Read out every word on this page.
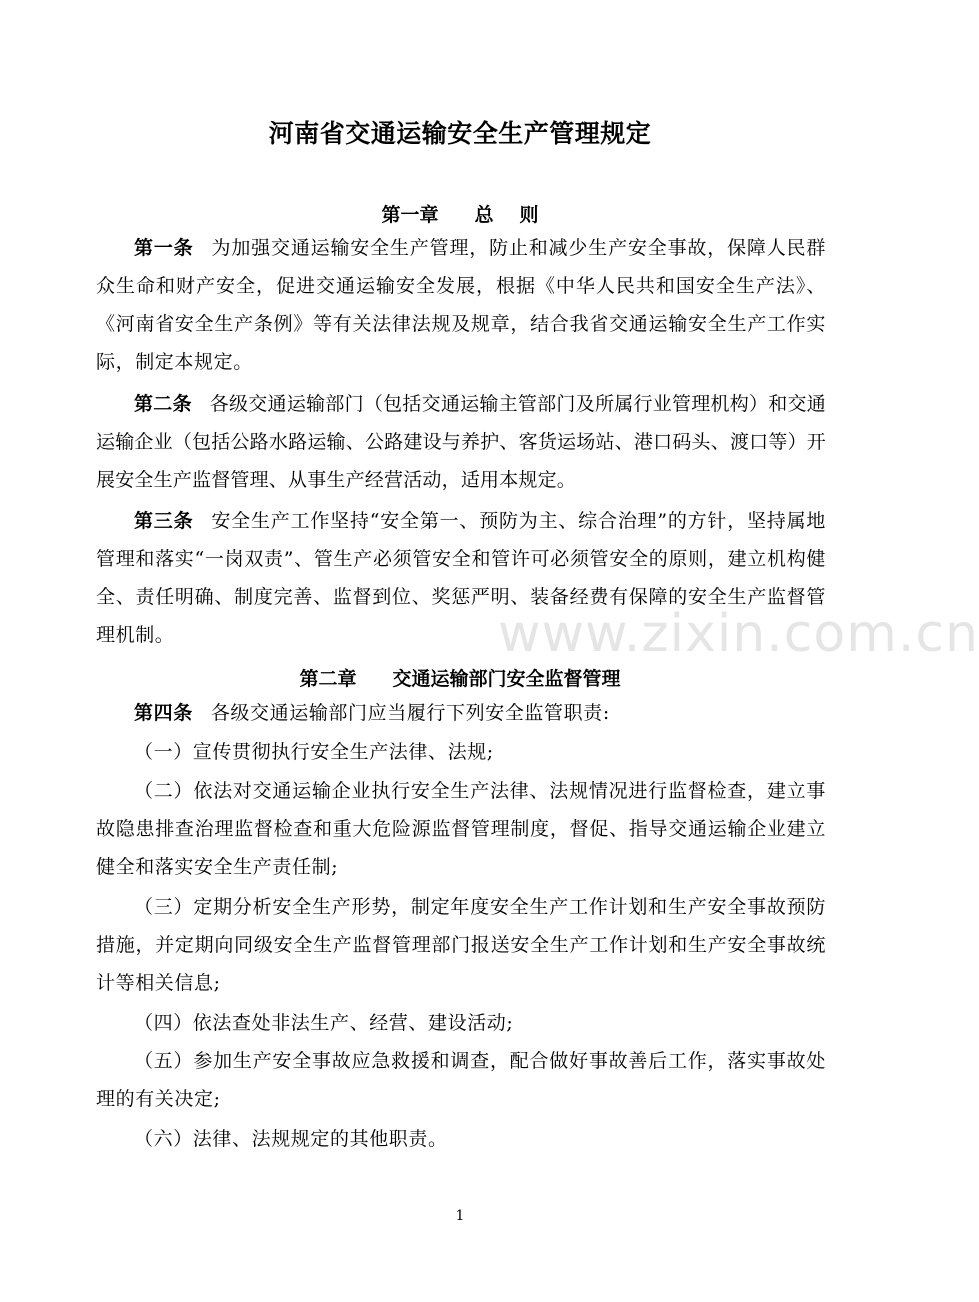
河南省交通运输安全生产管理规定
第一章 总 则
第一条 为加强交通运输安全生产管理，防止和减少生产安全事故，保障人民群众生命和财产安全，促进交通运输安全发展，根据《中华人民共和国安全生产法》、《河南省安全生产条例》等有关法律法规及规章，结合我省交通运输安全生产工作实际，制定本规定。
第二条 各级交通运输部门（包括交通运输主管部门及所属行业管理机构）和交通运输企业（包括公路水路运输、公路建设与养护、客货运场站、港口码头、渡口等）开展安全生产监督管理、从事生产经营活动，适用本规定。
第三条 安全生产工作坚持“安全第一、预防为主、综合治理”的方针，坚持属地管理和落实“一岗双责”、管生产必须管安全和管许可必须管安全的原则，建立机构健全、责任明确、制度完善、监督到位、奖惩严明、装备经费有保障的安全生产监督管理机制。
第二章 交通运输部门安全监督管理
第四条 各级交通运输部门应当履行下列安全监管职责:
（一）宣传贯彻执行安全生产法律、法规;
（二）依法对交通运输企业执行安全生产法律、法规情况进行监督检查，建立事故隐患排查治理监督检查和重大危险源监督管理制度，督促、指导交通运输企业建立健全和落实安全生产责任制;
（三）定期分析安全生产形势，制定年度安全生产工作计划和生产安全事故预防措施，并定期向同级安全生产监督管理部门报送安全生产工作计划和生产安全事故统计等相关信息;
（四）依法查处非法生产、经营、建设活动;
（五）参加生产安全事故应急救援和调查，配合做好事故善后工作，落实事故处理的有关决定;
（六）法律、法规规定的其他职责。
www.zixin.com.cn
1
